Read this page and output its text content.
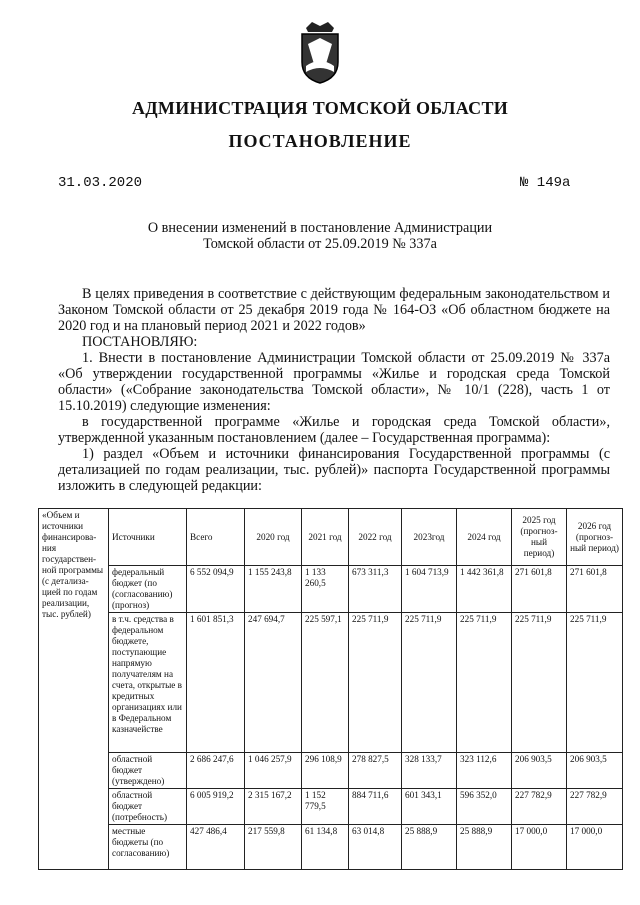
АДМИНИСТРАЦИЯ ТОМСКОЙ ОБЛАСТИ
ПОСТАНОВЛЕНИЕ
31.03.2020	№ 149а
О внесении изменений в постановление Администрации
Томской области от 25.09.2019 № 337а
В целях приведения в соответствие с действующим федеральным законодательством и Законом Томской области от 25 декабря 2019 года № 164-ОЗ «Об областном бюджете на 2020 год и на плановый период 2021 и 2022 годов»
ПОСТАНОВЛЯЮ:
1. Внести в постановление Администрации Томской области от 25.09.2019 № 337а «Об утверждении государственной программы «Жилье и городская среда Томской области» («Собрание законодательства Томской области», № 10/1 (228), часть 1 от 15.10.2019) следующие изменения:
в государственной программе «Жилье и городская среда Томской области», утвержденной указанным постановлением (далее – Государственная программа):
1) раздел «Объем и источники финансирования Государственной программы (с детализацией по годам реализации, тыс. рублей)» паспорта Государственной программы изложить в следующей редакции:
«Объем и источники финансирова-ния государствен-ной программы (с детализа-цией по годам реализации, тыс. рублей)	Источники	Всего	2020 год	2021 год	2022 год	2023год	2024 год	2025 год (прогноз-ный период)	2026 год (прогноз-ный период)
	федеральный бюджет (по (согласованию) (прогноз)	6 552 094,9	1 155 243,8	1 133 260,5	673 311,3	1 604 713,9	1 442 361,8	271 601,8	271 601,8
	в т.ч. средства в федеральном бюджете, поступающие напрямую получателям на счета, открытые в кредитных организациях или в Федеральном казначействе	1 601 851,3	247 694,7	225 597,1	225 711,9	225 711,9	225 711,9	225 711,9	225 711,9
	областной бюджет (утверждено)	2 686 247,6	1 046 257,9	296 108,9	278 827,5	328 133,7	323 112,6	206 903,5	206 903,5
	областной бюджет (потребность)	6 005 919,2	2 315 167,2	1 152 779,5	884 711,6	601 343,1	596 352,0	227 782,9	227 782,9
	местные бюджеты (по согласованию)	427 486,4	217 559,8	61 134,8	63 014,8	25 888,9	25 888,9	17 000,0	17 000,0
